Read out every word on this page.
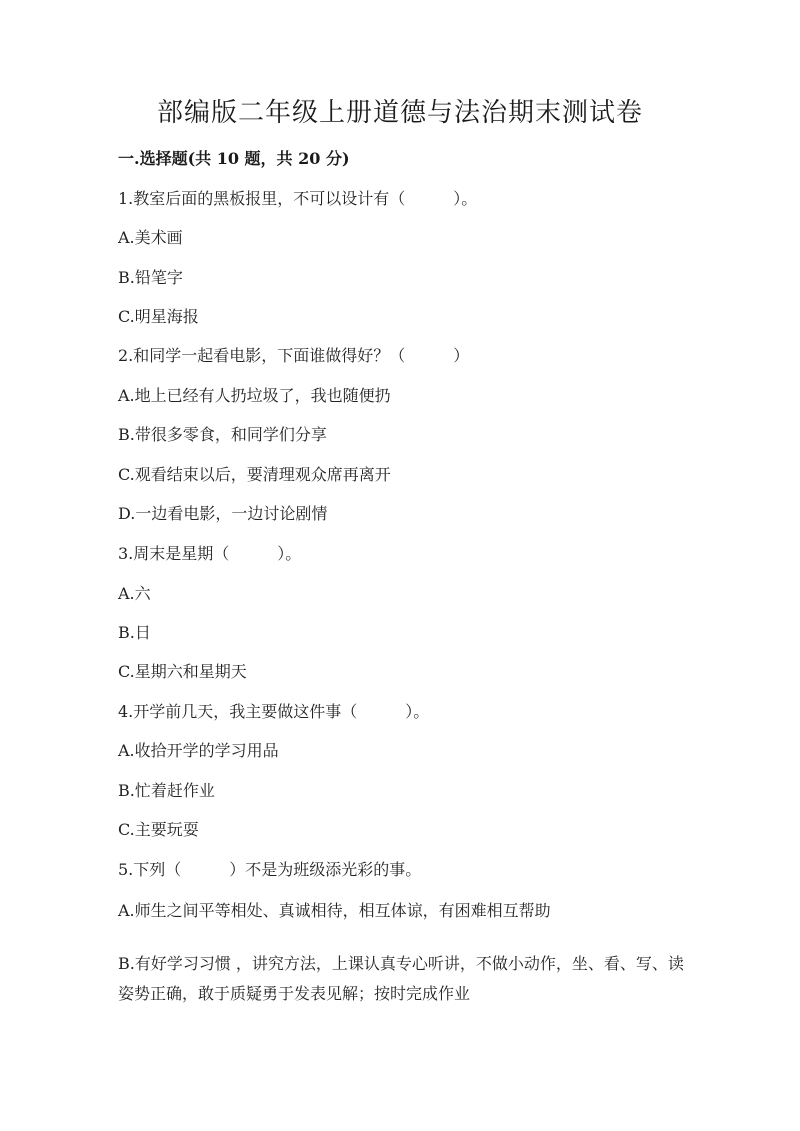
部编版二年级上册道德与法治期末测试卷
一.选择题(共 10 题，共 20 分)
1.教室后面的黑板报里，不可以设计有（　　　）。
A.美术画
B.铅笔字
C.明星海报
2.和同学一起看电影，下面谁做得好？（　　　）
A.地上已经有人扔垃圾了，我也随便扔
B.带很多零食，和同学们分享
C.观看结束以后，要清理观众席再离开
D.一边看电影，一边讨论剧情
3.周末是星期（　　　）。
A.六
B.日
C.星期六和星期天
4.开学前几天，我主要做这件事（　　　）。
A.收拾开学的学习用品
B.忙着赶作业
C.主要玩耍
5.下列（　　　）不是为班级添光彩的事。
A.师生之间平等相处、真诚相待，相互体谅，有困难相互帮助
B.有好学习习惯 ，讲究方法，上课认真专心听讲，不做小动作，坐、看、写、读姿势正确，敢于质疑勇于发表见解；按时完成作业
